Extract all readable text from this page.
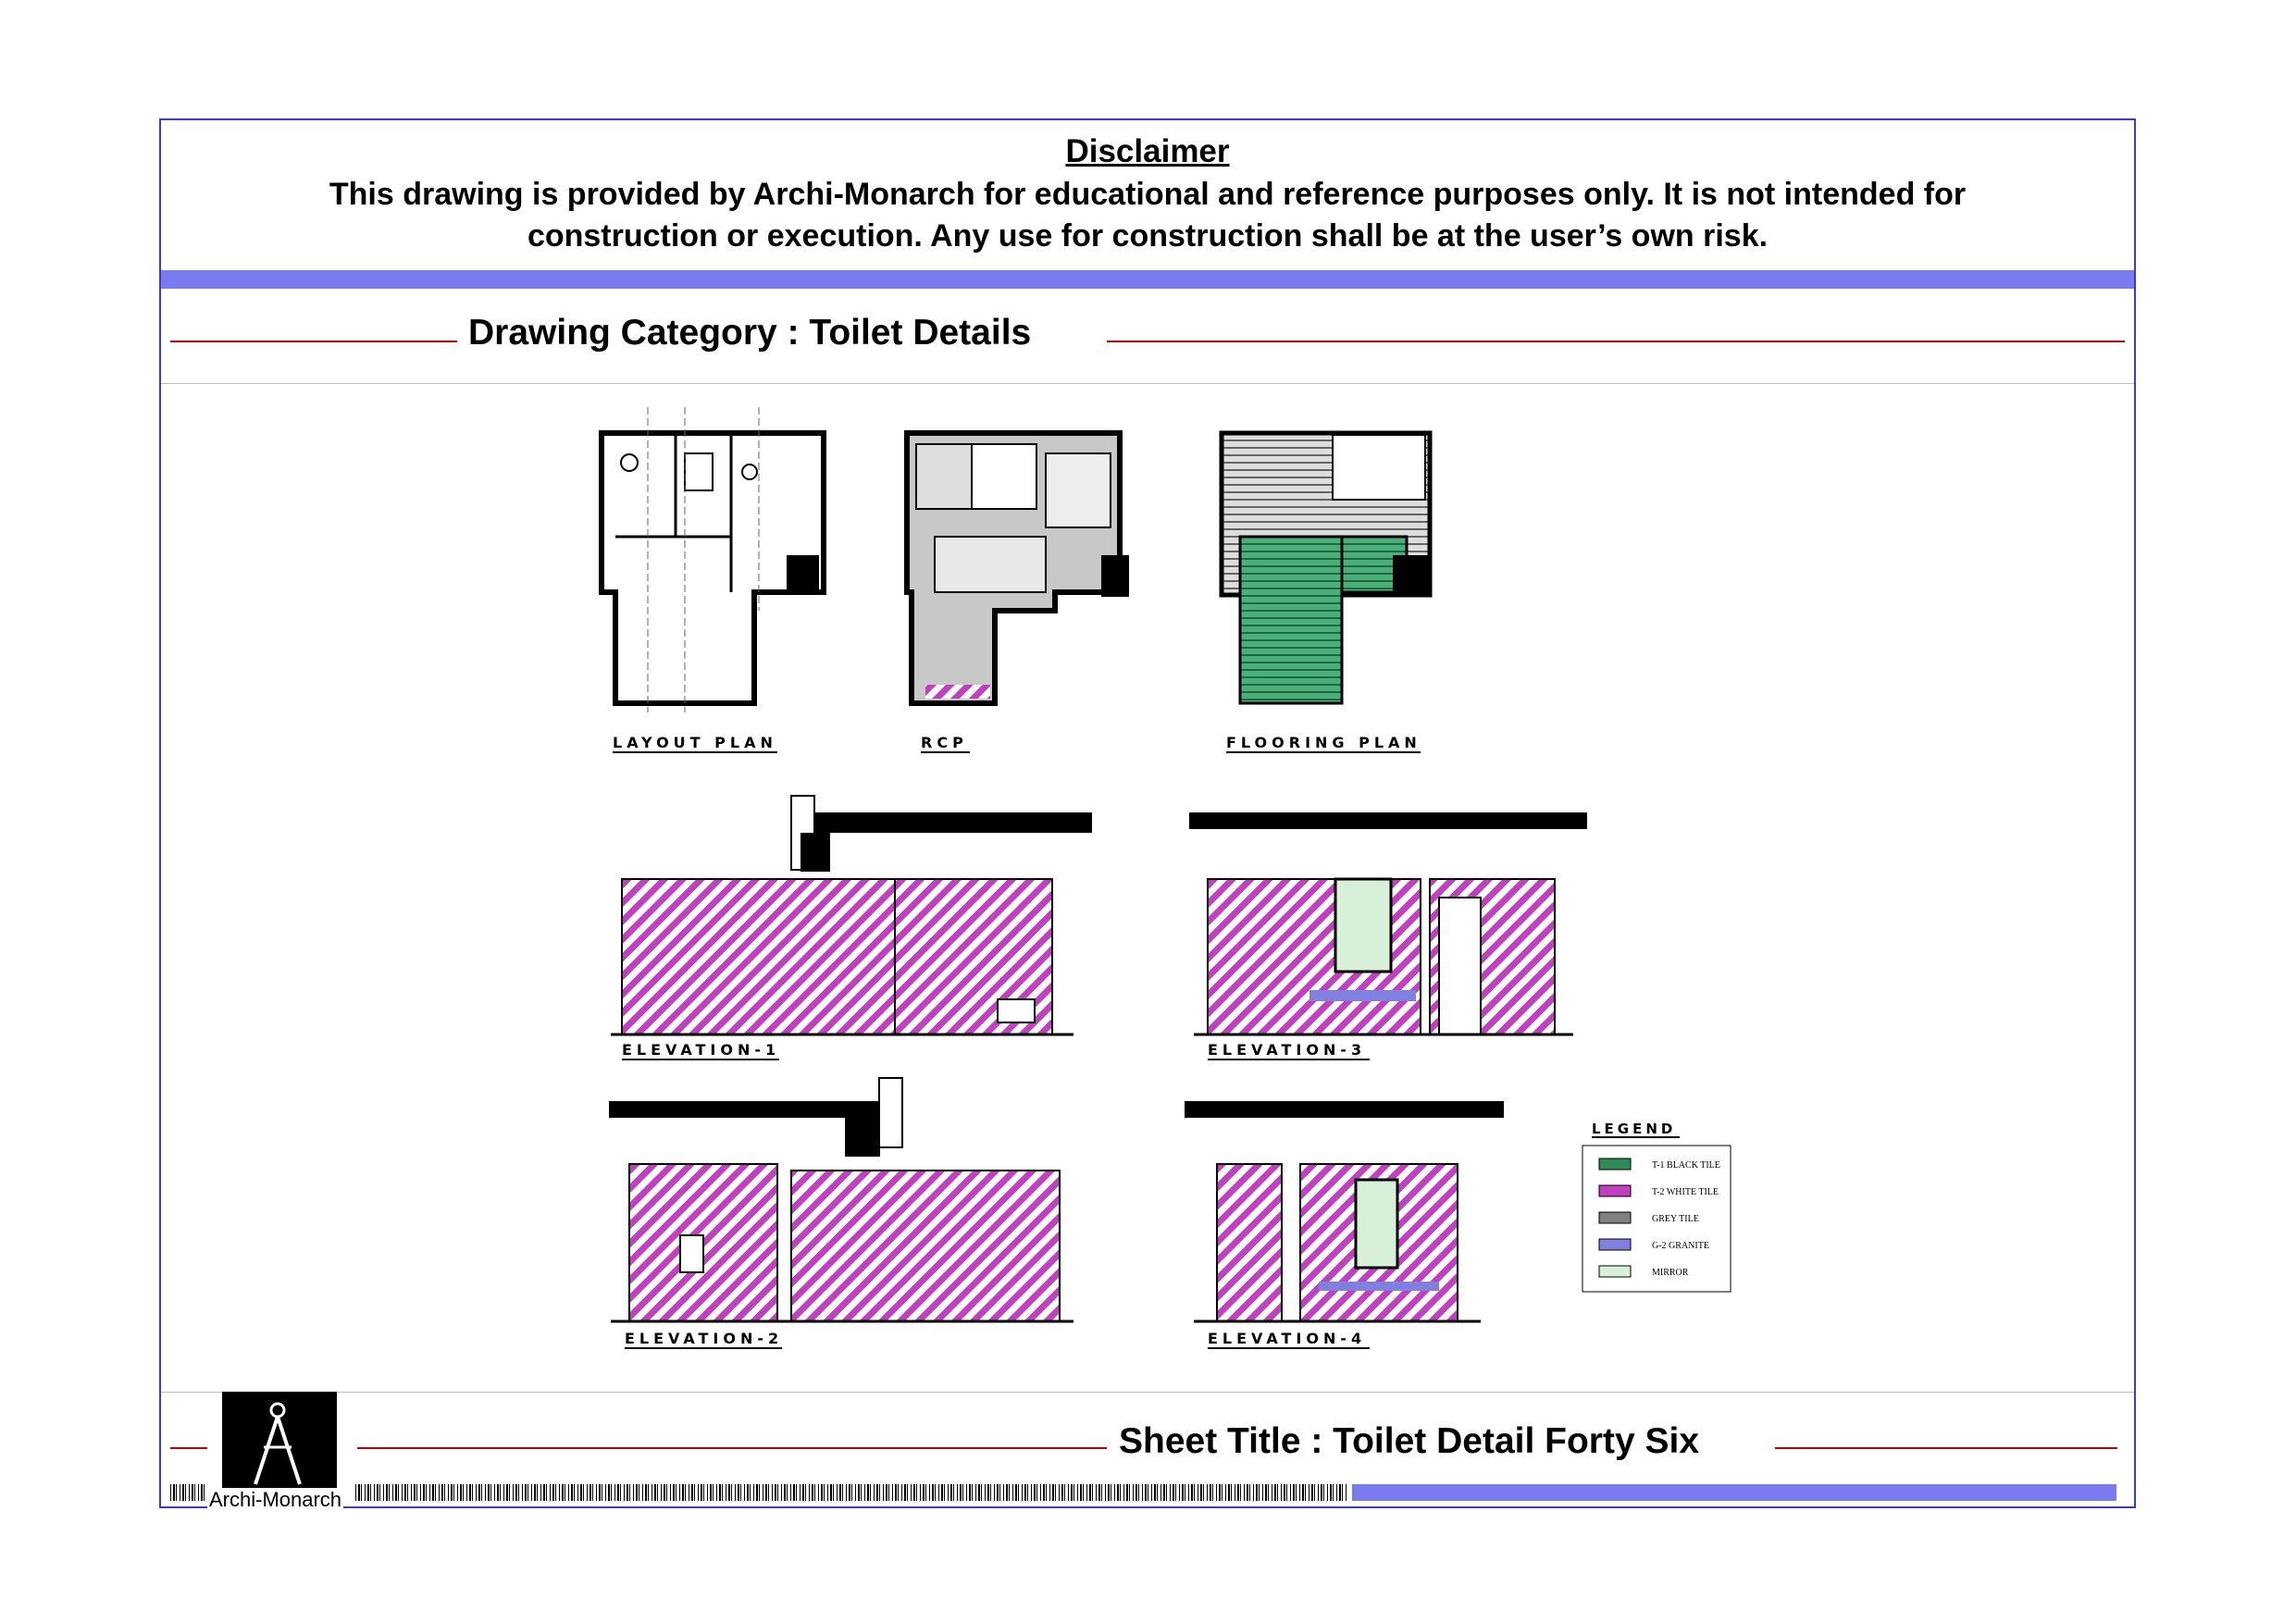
Disclaimer
This drawing is provided by Archi-Monarch for educational and reference purposes only. It is not intended for construction or execution. Any use for construction shall be at the user’s own risk.
Drawing Category : Toilet Details
Sheet Title : Toilet Detail Forty Six
Archi-Monarch
LAYOUT PLAN	RCP	FLOORING PLAN
ELEVATION-1	ELEVATION-3
ELEVATION-2	ELEVATION-4
LEGEND
T-1 BLACK TILE
T-2 WHITE TILE
GREY TILE
G-2 GRANITE
MIRROR
